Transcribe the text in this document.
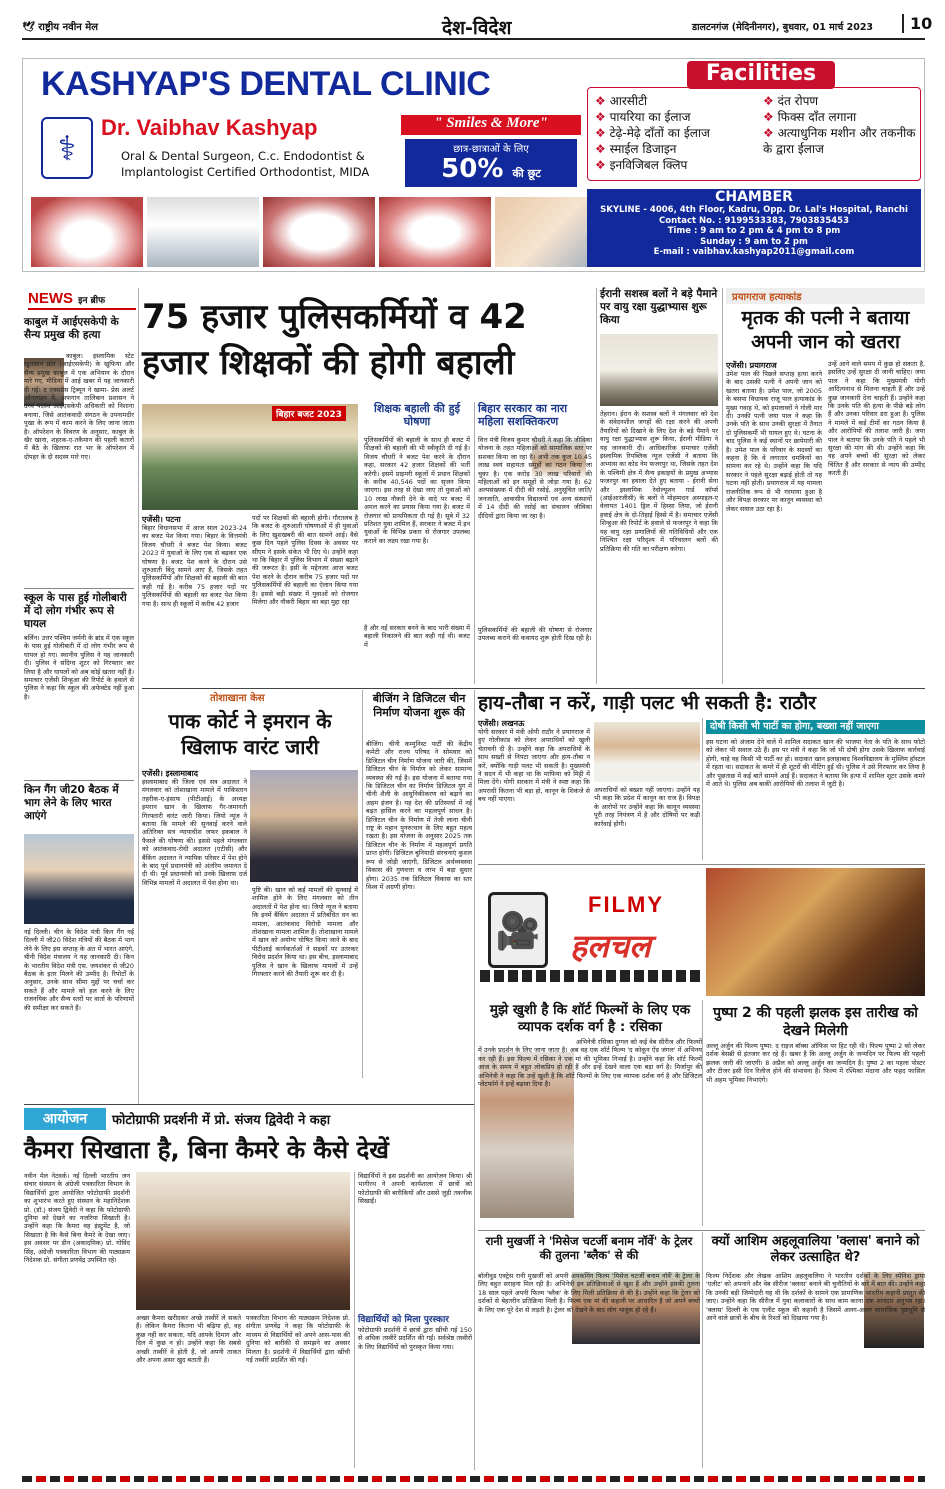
🕊 राष्ट्रीय नवीन मेल	देश-विदेश	डालटनगंज (मेदिनीनगर), बुधवार, 01 मार्च 2023	10
KASHYAP'S DENTAL CLINIC
⚕
Dr. Vaibhav Kashyap	" Smiles & More"
Oral & Dental Surgeon, C.c. Endodontist &
Implantologist Certified Orthodontist, MIDA
छात्र-छात्राओं के लिए
50% की छूट
Facilities
❖ आरसीटी
❖ पायरिया का ईलाज
❖ टेढ़े-मेढ़े दाँतों का ईलाज
❖ स्माईल डिजाइन
❖ इनविजिबल क्लिप
❖ दंत रोपण
❖ फिक्स दाँत लगाना
❖ अत्याधुनिक मशीन और तकनीक के द्वारा ईलाज
CHAMBER
SKYLINE - 4006, 4th Floor, Kadru, Opp. Dr. Lal's Hospital, Ranchi
Contact No. : 9199533383, 7903835453
Time : 9 am to 2 pm & 4 pm to 8 pm
Sunday : 9 am to 2 pm
E-mail : vaibhav.kashyap2011@gmail.com
NEWS इन ब्रीफ
काबुल में आईएसकेपी के सैन्य प्रमुख की हत्या
काबुल। इस्लामिक स्टेट खुरासान प्रांत (आईएसकेपी) के खुफिया और सैन्य प्रमुख काबुल में एक अभियान के दौरान मारे गए, मीडिया में आई खबर में यह जानकारी दी गई। द एक्सप्रेस ट्रिब्यून ने खामा- प्रेस अलर्ट ऑनलाइन में, अफगान तालिबान प्रशासन ने उच्च पदस्थ आईएसकेपी अधिकारी को निशाना बनाया, जिसे आतंकवादी संगठन के उपनामदीर पुखा के रूप में काम करने के लिए जाना जाता है। ऑपरेशन के विवरण के अनुसार, काबुल के खैर खाना, शहरक-ए-तकैमान की पहली कतारों में बैठे के खिलाफ रात भर के ऑपरेशन में दोपहर के दो सदस्य मारे गए।
स्कूल के पास हुई गोलीबारी में दो लोग गंभीर रूप से घायल
बर्लिन। उत्तर पश्चिम जर्मनी के ब्रांड में एक स्कूल के पास हुई गोलीबारी में दो लोग गंभीर रूप से घायल हो गए। स्थानीय पुलिस ने यह जानकारी दी। पुलिस ने संदिग्ध शूटर को गिरफ्तार कर लिया है और घायलों को अब कोई खतरा नहीं है। समाचार एजेंसी शिन्हुआ की रिपोर्ट के हवाले से पुलिस ने कहा कि स्कूल की अफेक्टेड नहीं हुआ है।
किन गैंग जी20 बैठक में भाग लेने के लिए भारत आएंगे
नई दिल्ली। चीन के विदेश मंत्री किन गैंग नई दिल्ली में जी20 विदेश मंत्रियों की बैठक में भाग लेने के लिए इस सप्ताह के अंत में भारत आएंगे, चीनी विदेश मंत्रालय ने यह जानकारी दी। किन के भारतीय विदेश मंत्री एस. जयशंकर से जी20 बैठक के इतर मिलने की उम्मीद है। रिपोर्टों के अनुसार, उनके साथ सीमा मुद्दों पर चर्चा कर सकते हैं और मामले को हल करने के लिए राजनयिक और सैन्य स्तरों पर वार्ता के परिणामों की समीक्षा कर सकते हैं।
75 हजार पुलिसकर्मियों व 42 हजार शिक्षकों की होगी बहाली
बिहार बजट 2023
एजेंसी। पटना
बिहार विधानसभा में आज साल 2023-24 का बजट पेश किया गया। बिहार के वित्तमंत्री विजय चौधरी ने बजट पेश किया। बजट 2023 में युवाओं के लिए एक से बढ़कर एक घोषणा है। बजट पेश करने के दौरान उसे शुरुआती बिंदु सामने आए हैं, जिसके तहत पुलिसकर्मियों और शिक्षकों की बहाली की बात कही गई है। करीब 75 हजार पदों पर पुलिसकर्मियों की बहाली का बजट पेश किया गया है। साथ ही स्कूलों में करीब 42 हजार
पदों पर शिक्षकों की बहाली होगी। गौरतलब है कि बजट के शुरुआती घोषणाओं में ही युवाओं के लिए खुशखबरी की बात सामने आई। वैसे कुछ दिन पहले पुलिस दिवस के अवसर पर सीएम ने इसके संकेत भी दिए थे। उन्होंने कहा था कि बिहार में पुलिस विभाग में संख्या बढ़ाने की जरूरत है। इसी के मद्देनजर आज बजट पेश करने के दौरान करीब 75 हजार पदों पर पुलिसकर्मियों की बहाली का ऐलान किया गया है। इससे बड़ी संख्या में युवाओं को रोजगार मिलेगा और नौकरी बिहार का बड़ा मुद्दा रहा
शिक्षक बहाली की हुई घोषणा
पुलिसकर्मियों की बहाली के साथ ही बजट में शिक्षकों की बहाली की भी स्वीकृति दी गई है। विजय चौधरी ने बजट पेश करने के दौरान कहा, सरकार 42 हजार शिक्षकों की भर्ती करेगी। इसमें प्राइमरी स्कूलों में प्रधान शिक्षकों के करीब 40,546 पदों का सृजन किया जाएगा। इस तरह से देखा जाए तो युवाओं को 10 लाख नौकरी देने के वादे पर बजट में अमल करने का प्रयास किया गया है। बजट में रोजगार को प्राथमिकता दी गई है। सूबे में 32 प्रतिशत युवा शामिल हैं, सरकार ने बजट में इन युवाओं के विभिन्न प्रकार से रोजगार उपलब्ध कराने का लक्ष्य रखा गया है।
है और नई सरकार बनने के बाद भारी संख्या में बहाली निकालने की बात कही गई थी। बजट में
बिहार सरकार का नारा महिला सशक्तिकरण
वित्त मंत्री विजय कुमार चौधरी ने कहा कि जीविका योजना के तहत महिलाओं को सामाजिक स्तर पर सशक्त किया जा रहा है। अभी तक कुल 10.45 लाख स्वयं सहायता समूहों का गठन किया जा चुका है। एक करोड़ 30 लाख परिवारों की महिलाओं को इन समूहों से जोड़ा गया है। 62 अल्पसंख्यक में दीदी की रसोई, अनुसूचित जाति/जनजाति, आवासीय विद्यालयों एवं अन्य संस्थानों में 14 दीदी की रसोई का संचालन जीविका दीदियों द्वारा किया जा रहा है।
पुलिसकर्मियों की बहाली की घोषणा से रोजगार उपलब्ध कराने की कवायद शुरू होती दिख रही है।
ईरानी सशस्त्र बलों ने बड़े पैमाने पर वायु रक्षा युद्धाभ्यास शुरू किया
तेहरान। ईरान के सशस्त्र बलों ने मंगलवार को देश के संवेदनशील जगहों की रक्षा करने की अपनी तैयारियों को दिखाने के लिए देश के बड़े पैमाने पर वायु रक्षा युद्धाभ्यास शुरू किया, ईरानी मीडिया ने यह जानकारी दी। आधिकारिक समाचार एजेंसी इस्लामिक रिपब्लिक न्यूज एजेंसी ने बताया कि अभ्यास का कोड नेम फजरपुर था, जिसके तहत देश के पश्चिमी क्षेत्र में सैन्य इकाइयों के प्रमुख अभ्यास फजरपुर का हवाला देते हुए बताया - ईरानी सेना और इस्लामिक रेवोल्यूशन गार्ड कॉर्प्स (आईआरजीसी) के बलों ने मोहम्मदन अस्माइल-ए वेलायत 1401 ड्रिल में हिस्सा लिया, जो ईरानी हवाई क्षेत्र के दो-तिहाई हिस्से में है। समाचार एजेंसी शिन्हुआ की रिपोर्ट के हवाले से फजरपुर ने कहा कि यह वायु रक्षा प्रणालियों की गतिविधियों और एक निश्चित रक्षा परिदृश्य में परिचालन बलों की प्रतिक्रिया की गति का परीक्षण करेगा।
प्रयागराज हत्याकांड
मृतक की पत्नी ने बताया अपनी जान को खतरा
एजेंसी। प्रयागराज
उमेश पाल की पिछले सप्ताह हत्या करने के बाद उसकी पत्नी ने अपनी जान को खतरा बताया है। उमेश पाल, जो 2005 के बसपा विधायक राजू पाल हत्याकांड के मुख्य गवाह थे, को हमलावरों ने गोली मार दी। उनकी पत्नी जया पाल ने कहा कि उनके पति के साथ उनकी सुरक्षा में तैनात दो पुलिसकर्मी भी घायल हुए थे। घटना के बाद पुलिस ने कई स्थानों पर छापेमारी की है। उमेश पाल के परिवार के सदस्यों का कहना है कि वे लगातार धमकियों का सामना कर रहे थे। उन्होंने कहा कि यदि सरकार ने पहले सुरक्षा बढ़ाई होती तो यह घटना नहीं होती। प्रयागराज में यह मामला राजनीतिक रूप से भी गरमाया हुआ है और विपक्ष सरकार पर कानून व्यवस्था को लेकर सवाल उठा रहा है।
उन्हें आने वाले समय में कुछ हो सकता है, इसलिए उन्हें सुरक्षा दी जानी चाहिए। जया पाल ने कहा कि मुख्यमंत्री योगी आदित्यनाथ से मिलना चाहती हैं और उन्हें कुछ जानकारी देना चाहती हैं। उन्होंने कहा कि उनके पति की हत्या के पीछे बड़े लोग हैं और उनका परिवार डरा हुआ है। पुलिस ने मामले में कई टीमों का गठन किया है और आरोपियों की तलाश जारी है। जया पाल ने बताया कि उनके पति ने पहले भी सुरक्षा की मांग की थी। उन्होंने कहा कि वह अपने बच्चों की सुरक्षा को लेकर चिंतित हैं और सरकार से न्याय की उम्मीद करती हैं।
तोशाखाना केस
पाक कोर्ट ने इमरान के खिलाफ वारंट जारी
एजेंसी। इस्लामाबाद
इस्लामाबाद की जिला एवं सत्र अदालत ने मंगलवार को तोशाखाना मामले में पाकिस्तान तहरीक-ए-इंसाफ (पीटीआई) के अध्यक्ष इमरान खान के खिलाफ गैर-जमानती गिरफ्तारी वारंट जारी किया। जियो न्यूज ने बताया कि मामले की सुनवाई करने वाले अतिरिक्त सत्र न्यायाधीश जफर इकबाल ने फैसले की घोषणा की। इससे पहले मंगलवार को आतंकवाद-रोधी अदालत (एटीसी) और बैंकिंग अदालत ने न्यायिक परिसर में पेश होने के बाद पूर्व प्रधानमंत्री को अंतरिम जमानत दे दी थी। पूर्व प्रधानमंत्री को उनके खिलाफ दर्ज विभिन्न मामलों में अदालत में पेश होना था।
पुष्टि की। खान को कई मामलों की सुनवाई में शामिल होने के लिए मंगलवार को तीन अदालतों में पेश होना था। जियो न्यूज ने बताया कि इनमें बैंकिंग अदालत में प्रतिबंधित धन का मामला, आतंकवाद विरोधी मामला और तोशखाना मामला शामिल हैं। तोशाखाना मामले में खान को अयोग्य घोषित किया जाने के बाद पीटीआई कार्यकर्ताओं ने सड़कों पर उतरकर विरोध प्रदर्शन किया था। इस बीच, इस्लामाबाद पुलिस ने खान के खिलाफ मामलों में उन्हें गिरफ्तार करने की तैयारी शुरू कर दी है।
बीजिंग ने डिजिटल चीन निर्माण योजना शुरू की
बीजिंग। चीनी कम्युनिस्ट पार्टी की केंद्रीय कमेटी और राज्य परिषद ने सोमवार को डिजिटल चीन निर्माण योजना जारी की, जिसमें डिजिटल चीन के निर्माण को लेकर सामान्य व्यवस्था की गई है। इस योजना में बताया गया कि डिजिटल चीन का निर्माण डिजिटल युग में चीनी शैली के आधुनिकीकरण को बढ़ाने का अहम इंजन है। यह देश की प्रतिस्पर्धा में नई बढ़त हासिल करने का महत्वपूर्ण साधन है। डिजिटल चीन के निर्माण में तेजी लाना चीनी राष्ट्र के महान पुनरुत्थान के लिए बहुत महत्व रखता है। इस योजना के अनुसार 2025 तक डिजिटल चीन के निर्माण में महत्वपूर्ण प्रगति प्राप्त होगी। डिजिटल बुनियादी संरचनाएं कुशल रूप से जोड़ी जाएंगी, डिजिटल अर्थव्यवस्था विकास की गुणवत्ता व लाभ में बड़ा सुधार होगा। 2035 तक डिजिटल विकास का स्तर विश्व में अग्रणी होगा।
हाय-तौबा न करें, गाड़ी पलट भी सकती है: राठौर
एजेंसी। लखनऊ
योगी सरकार में मंत्री ओपी राठौर ने प्रयागराज में हुए गोलीकांड को लेकर अपराधियों को खुली चेतावनी दी है। उन्होंने कहा कि अपराधियों के साथ सख्ती से निपटा जाएगा और हाय-तौबा न करें, क्योंकि गाड़ी पलट भी सकती है। मुख्यमंत्री ने सदन में भी कहा था कि माफिया को मिट्टी में मिला देंगे। योगी सरकार में मंत्री ने स्पष्ट कहा कि अपराधी कितना भी बड़ा हो, कानून के शिकंजे से बच नहीं पाएगा।
अपराधियों को बख्शा नहीं जाएगा। उन्होंने यह भी कहा कि प्रदेश में कानून का राज है। विपक्ष के आरोपों पर उन्होंने कहा कि कानून व्यवस्था पूरी तरह नियंत्रण में है और दोषियों पर कड़ी कार्रवाई होगी।
दोषी किसी भी पार्टी का होगा, बख्शा नहीं जाएगा
इस घटना को अंजाम देने वाले में शामिल सदाकत खान की भाजपा नेता के पति के साथ फोटो को लेकर भी सवाल उठे हैं। इस पर मंत्री ने कहा कि जो भी दोषी होगा उसके खिलाफ कार्रवाई होगी, चाहे वह किसी भी पार्टी का हो। सदाकत खान इलाहाबाद विश्वविद्यालय के मुस्लिम हॉस्टल में रहता था। सदाकत के कमरे में ही शूटरों की मीटिंग हुई थी। पुलिस ने उसे गिरफ्तार कर लिया है और पूछताछ में कई बातें सामने आई हैं। सदाकत ने बताया कि हत्या में शामिल शूटर उसके कमरे में आते थे। पुलिस अब बाकी आरोपियों की तलाश में जुटी है।
🎥
FILMY
हलचल
मुझे खुशी है कि शॉर्ट फिल्मों के लिए एक व्यापक दर्शक वर्ग है : रसिका
अभिनेत्री रसिका दुग्गल को कई वेब सीरीज और फिल्मों में उनके प्रदर्शन के लिए जाना जाता है। अब वह एक शॉर्ट फिल्म 'द कोकून ऐंड जंगल' में अभिनय कर रही हैं। इस फिल्म में रसिका ने एक मां की भूमिका निभाई है। उन्होंने कहा कि शॉर्ट फिल्में आज के समय में बहुत लोकप्रिय हो रही हैं और इन्हें देखने वाला एक बड़ा वर्ग है। मिर्जापुर की अभिनेत्री ने कहा कि उन्हें खुशी है कि शॉर्ट फिल्मों के लिए एक व्यापक दर्शक वर्ग है और डिजिटल प्लेटफॉर्म ने इन्हें बढ़ावा दिया है।
पुष्पा 2 की पहली झलक इस तारीख को देखने मिलेगी
अल्लू अर्जुन की फिल्म पुष्पा: द राइज बॉक्स ऑफिस पर हिट रही थी। फिल्म पुष्पा 2 को लेकर दर्शक बेसब्री से इंतजार कर रहे हैं। खबर है कि अल्लू अर्जुन के जन्मदिन पर फिल्म की पहली झलक जारी की जाएगी। 8 अप्रैल को अल्लू अर्जुन का जन्मदिन है। पुष्पा 2 का पहला पोस्टर और टीजर इसी दिन रिलीज होने की संभावना है। फिल्म में रश्मिका मंदाना और फहद फासिल भी अहम भूमिका निभाएंगे।
रानी मुखर्जी ने 'मिसेज चटर्जी बनाम नॉर्वे' के ट्रेलर की तुलना 'ब्लैक' से की
बॉलीवुड एक्ट्रेस रानी मुखर्जी को अपनी अपकमिंग फिल्म 'मिसेज चटर्जी बनाम नॉर्वे' के ट्रेलर के लिए बहुत सराहना मिल रही है। अभिनेत्री इन प्रतिक्रियाओं से खुश हैं और उन्होंने इसकी तुलना 18 साल पहले अपनी फिल्म 'ब्लैक' के लिए मिली प्रतिक्रिया से की है। उन्होंने कहा कि ट्रेलर को दर्शकों से बेहतरीन प्रतिक्रिया मिली है। फिल्म एक मां की कहानी पर आधारित है जो अपने बच्चों के लिए एक पूरे देश से लड़ती है। ट्रेलर को देखने के बाद लोग भावुक हो रहे हैं।
क्यों आशिम अहलूवालिया 'क्लास' बनाने को लेकर उत्साहित थे?
फिल्म निर्देशक और लेखक आशिम अहलूवालिया ने भारतीय दर्शकों के लिए स्पेनिश ड्रामा 'एलीट' को अपनाने और वेब सीरीज 'क्लास' बनाने की चुनौतियों के बारे में बात की। उन्होंने कहा कि उनकी बड़ी जिम्मेदारी यह थी कि दर्शकों के सामने एक प्रामाणिक भारतीय कहानी प्रस्तुत की जाए। उन्होंने कहा कि सीरीज में युवा कलाकारों के साथ काम करना एक शानदार अनुभव रहा। 'क्लास' दिल्ली के एक एलीट स्कूल की कहानी है जिसमें अलग-अलग सामाजिक पृष्ठभूमि से आने वाले छात्रों के बीच के रिश्तों को दिखाया गया है।
आयोजन	फोटोग्राफी प्रदर्शनी में प्रो. संजय द्विवेदी ने कहा
कैमरा सिखाता है, बिना कैमरे के कैसे देखें
नवीन मेल नेटवर्क। नई दिल्ली भारतीय जन संचार संस्थान के अंग्रेजी पत्रकारिता विभाग के विद्यार्थियों द्वारा आयोजित फोटोग्राफी प्रदर्शनी का शुभारंभ करते हुए संस्थान के महानिदेशक प्रो. (डॉ.) संजय द्विवेदी ने कहा कि फोटोग्राफी दुनिया को देखने का नजरिया सिखाती है। उन्होंने कहा कि कैमरा वह इंस्ट्रूमेंट है, जो सिखाता है कि कैसे बिना कैमरे के देखा जाए। इस अवसर पर डीन (अकादमिक) प्रो. गोविंद सिंह, अंग्रेजी पत्रकारिता विभाग की पाठ्यक्रम निदेशक प्रो. संगीता प्रणवेंद्र उपस्थित रहे।
अच्छा कैमरा खरीदकर अच्छे तस्वीरें ले सकते हैं। लेकिन कैमरा कितना भी बढ़िया हो, वह कुछ नहीं कर सकता, यदि आपके दिमाग और दिल में कुछ न हो। उन्होंने कहा कि सबसे अच्छी तस्वीरें वे होती हैं, जो अपनी ताकत और अपना असर खुद बताती हैं।
पत्रकारिता विभाग की पाठ्यक्रम निदेशक प्रो. संगीता प्रणवेंद्र ने कहा कि फोटोग्राफी के माध्यम से विद्यार्थियों को अपने आस-पास की दुनिया को बारीकी से समझने का अवसर मिलता है। प्रदर्शनी में विद्यार्थियों द्वारा खींची गई तस्वीरें प्रदर्शित की गईं।
विद्यार्थियों ने इस प्रदर्शनी का आयोजन किया। श्री भागीरथ ने अपनी कार्यशाला में छात्रों को फोटोग्राफी की बारीकियों और उससे जुड़ी तकनीक सिखाईं।
विद्यार्थियों को मिला पुरस्कार
फोटोग्राफी प्रदर्शनी में छात्रों द्वारा खींची गई 150 से अधिक तस्वीरें प्रदर्शित की गईं। सर्वश्रेष्ठ तस्वीरों के लिए विद्यार्थियों को पुरस्कृत किया गया।
